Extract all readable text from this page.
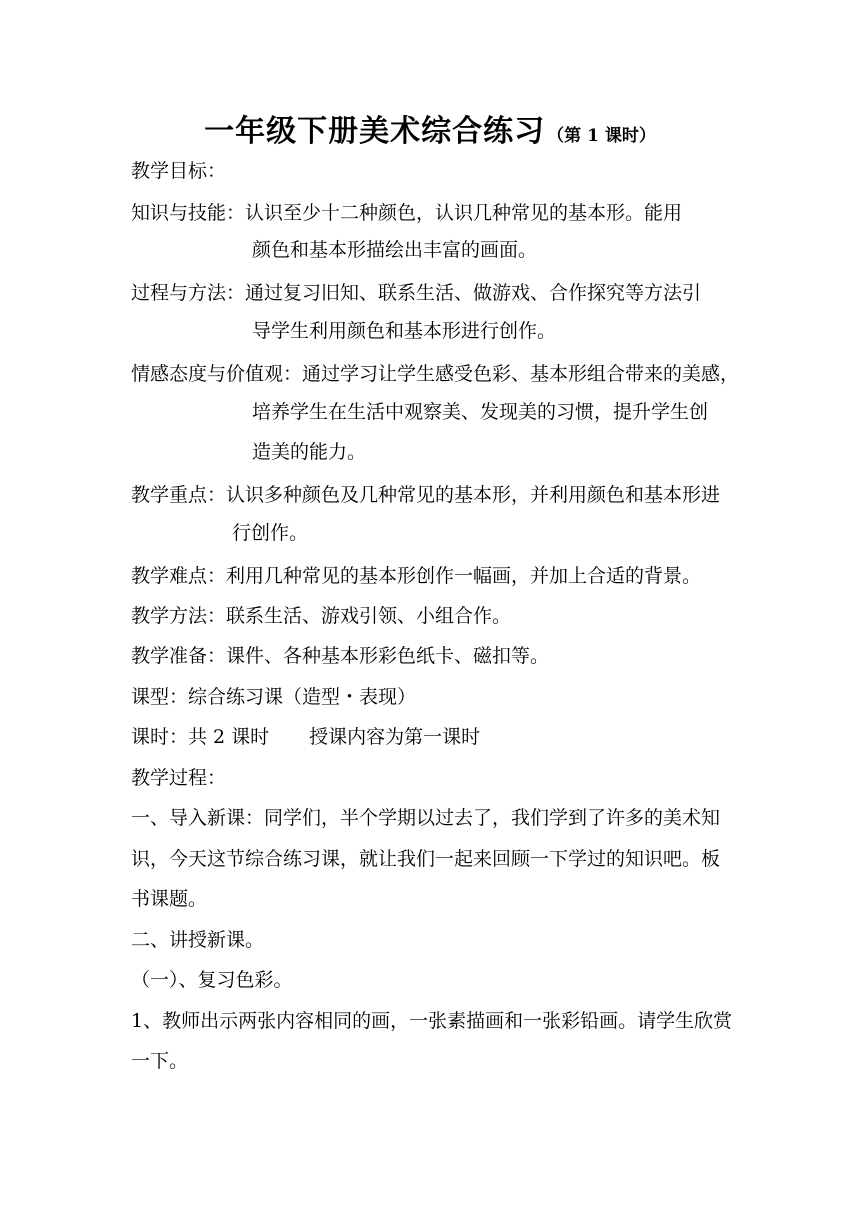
一年级下册美术综合练习 （第 1 课时）
教学目标：
知识与技能：认识至少十二种颜色，认识几种常见的基本形。能用
颜色和基本形描绘出丰富的画面。
过程与方法：通过复习旧知、联系生活、做游戏、合作探究等方法引
导学生利用颜色和基本形进行创作。
情感态度与价值观：通过学习让学生感受色彩、基本形组合带来的美感，
培养学生在生活中观察美、发现美的习惯，提升学生创
造美的能力。
教学重点：认识多种颜色及几种常见的基本形，并利用颜色和基本形进
行创作。
教学难点：利用几种常见的基本形创作一幅画，并加上合适的背景。
教学方法：联系生活、游戏引领、小组合作。
教学准备：课件、各种基本形彩色纸卡、磁扣等。
课型：综合练习课（造型・表现）
课时：共 2 课时 授课内容为第一课时
教学过程：
一、导入新课：同学们，半个学期以过去了，我们学到了许多的美术知
识，今天这节综合练习课，就让我们一起来回顾一下学过的知识吧。板
书课题。
二、讲授新课。
（一）、复习色彩。
1、教师出示两张内容相同的画，一张素描画和一张彩铅画。请学生欣赏
一下。
